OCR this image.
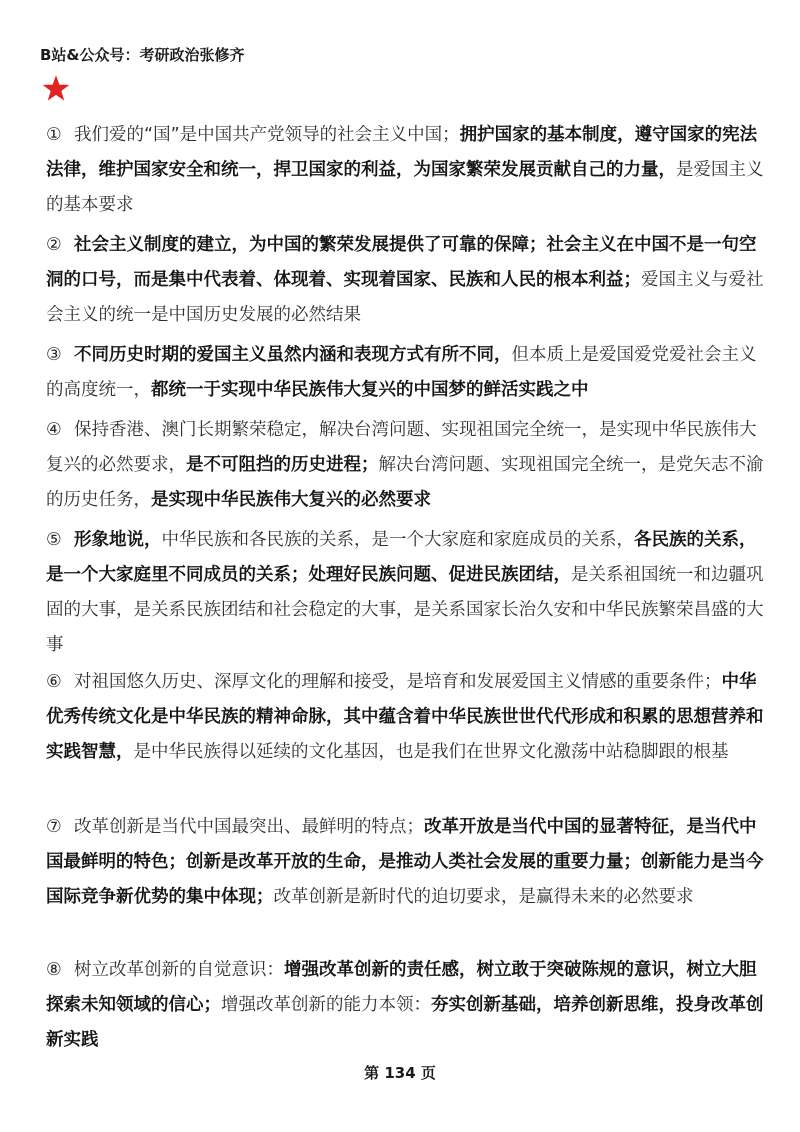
B站&公众号：考研政治张修齐
① 我们爱的“国”是中国共产党领导的社会主义中国；拥护国家的基本制度，遵守国家的宪法法律，维护国家安全和统一，捍卫国家的利益，为国家繁荣发展贡献自己的力量，是爱国主义的基本要求
② 社会主义制度的建立，为中国的繁荣发展提供了可靠的保障；社会主义在中国不是一句空洞的口号，而是集中代表着、体现着、实现着国家、民族和人民的根本利益；爱国主义与爱社会主义的统一是中国历史发展的必然结果
③ 不同历史时期的爱国主义虽然内涵和表现方式有所不同，但本质上是爱国爱党爱社会主义的高度统一，都统一于实现中华民族伟大复兴的中国梦的鲜活实践之中
④ 保持香港、澳门长期繁荣稳定，解决台湾问题、实现祖国完全统一，是实现中华民族伟大复兴的必然要求，是不可阻挡的历史进程；解决台湾问题、实现祖国完全统一，是党矢志不渝的历史任务，是实现中华民族伟大复兴的必然要求
⑤ 形象地说，中华民族和各民族的关系，是一个大家庭和家庭成员的关系，各民族的关系，是一个大家庭里不同成员的关系；处理好民族问题、促进民族团结，是关系祖国统一和边疆巩固的大事，是关系民族团结和社会稳定的大事，是关系国家长治久安和中华民族繁荣昌盛的大事
⑥ 对祖国悠久历史、深厚文化的理解和接受，是培育和发展爱国主义情感的重要条件；中华优秀传统文化是中华民族的精神命脉，其中蕴含着中华民族世世代代形成和积累的思想营养和实践智慧，是中华民族得以延续的文化基因，也是我们在世界文化激荡中站稳脚跟的根基
⑦ 改革创新是当代中国最突出、最鲜明的特点；改革开放是当代中国的显著特征，是当代中国最鲜明的特色；创新是改革开放的生命，是推动人类社会发展的重要力量；创新能力是当今国际竞争新优势的集中体现；改革创新是新时代的迫切要求，是赢得未来的必然要求
⑧ 树立改革创新的自觉意识：增强改革创新的责任感，树立敢于突破陈规的意识，树立大胆探索未知领域的信心；增强改革创新的能力本领：夯实创新基础，培养创新思维，投身改革创新实践
第 134 页
